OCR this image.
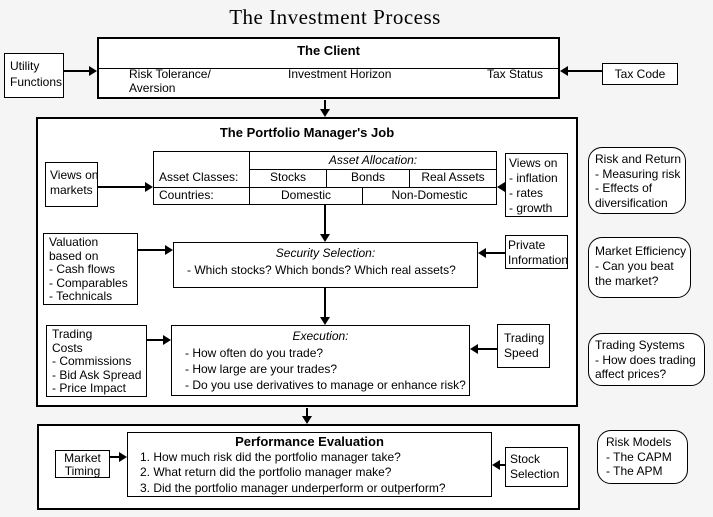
The Investment Process
Utility
Functions
Tax Code
The Client
Risk Tolerance/
Aversion
Investment Horizon	Tax Status
The Portfolio Manager's Job
Views on
markets
Asset Allocation:
Asset Classes:	Stocks	Bonds	Real Assets
Countries:	Domestic	Non-Domestic
Views on
- inflation
- rates
- growth
Valuation
based on
- Cash flows
- Comparables
- Technicals
Security Selection:
- Which stocks? Which bonds? Which real assets?
Private
Information
Trading
Costs
- Commissions
- Bid Ask Spread
- Price Impact
Execution:
- How often do you trade?
- How large are your trades?
- Do you use derivatives to manage or enhance risk?
Trading
Speed
Market
Timing
Performance Evaluation
1. How much risk did the portfolio manager take?
2. What return did the portfolio manager make?
3. Did the portfolio manager underperform or outperform?
Stock
Selection
Risk and Return
- Measuring risk
- Effects of
diversification
Market Efficiency
- Can you beat
the market?
Trading Systems
- How does trading
affect prices?
Risk Models
- The CAPM
- The APM
